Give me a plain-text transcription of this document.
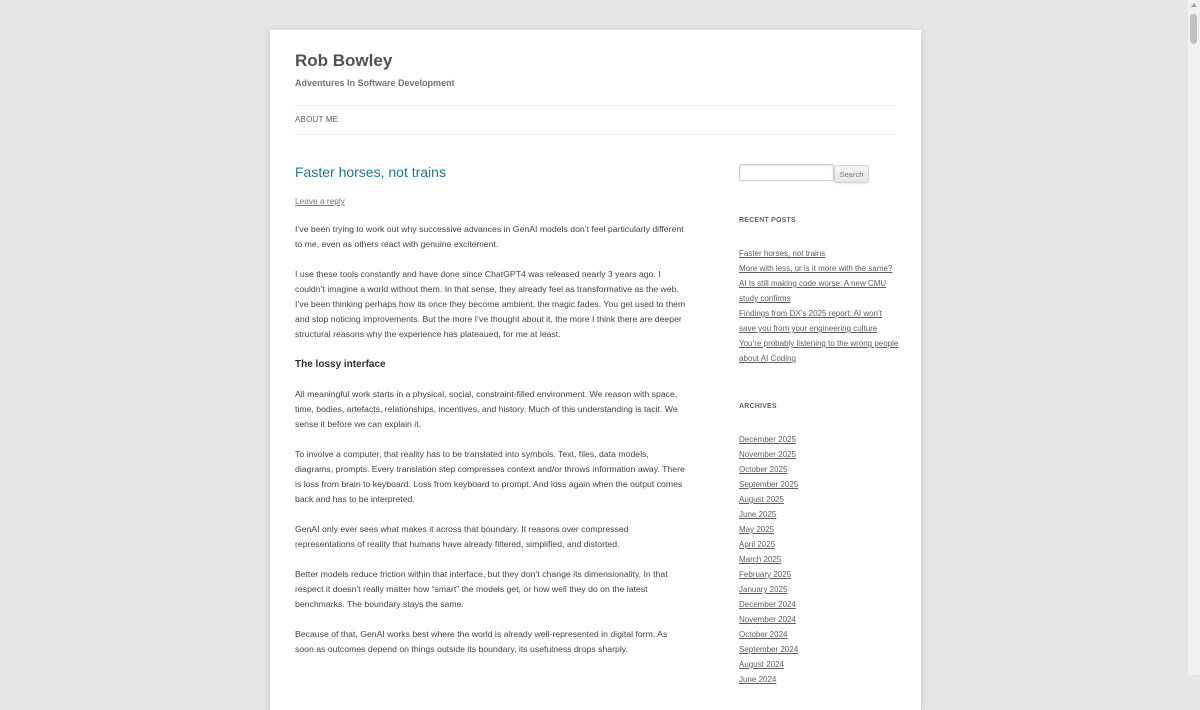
Rob Bowley
Adventures In Software Development
ABOUT ME
Faster horses, not trains
Leave a reply

I’ve been trying to work out why successive advances in GenAI models don’t feel particularly different to me, even as others react with genuine excitement.

I use these tools constantly and have done since ChatGPT4 was released nearly 3 years ago. I couldn’t imagine a world without them. In that sense, they already feel as transformative as the web. I’ve been thinking perhaps how its once they become ambient, the magic fades. You get used to them and stop noticing improvements. But the more I’ve thought about it, the more I think there are deeper structural reasons why the experience has plateaued, for me at least.

The lossy interface

All meaningful work starts in a physical, social, constraint-filled environment. We reason with space, time, bodies, artefacts, relationships, incentives, and history. Much of this understanding is tacit. We sense it before we can explain it.

To involve a computer, that reality has to be translated into symbols. Text, files, data models, diagrams, prompts. Every translation step compresses context and/or throws information away. There is loss from brain to keyboard. Loss from keyboard to prompt. And loss again when the output comes back and has to be interpreted.

GenAI only ever sees what makes it across that boundary. It reasons over compressed representations of reality that humans have already filtered, simplified, and distorted.

Better models reduce friction within that interface, but they don’t change its dimensionality. In that respect it doesn’t really matter how “smart” the models get, or how well they do on the latest benchmarks. The boundary stays the same.

Because of that, GenAI works best where the world is already well-represented in digital form. As soon as outcomes depend on things outside its boundary, its usefulness drops sharply.

Search
RECENT POSTS
Faster horses, not trains
More with less, or is it more with the same?
AI Is still making code worse: A new CMU study confirms
Findings from DX’s 2025 report: AI won’t save you from your engineering culture
You’re probably listening to the wrong people about AI Coding
ARCHIVES
December 2025
November 2025
October 2025
September 2025
August 2025
June 2025
May 2025
April 2025
March 2025
February 2025
January 2025
December 2024
November 2024
October 2024
September 2024
August 2024
June 2024
